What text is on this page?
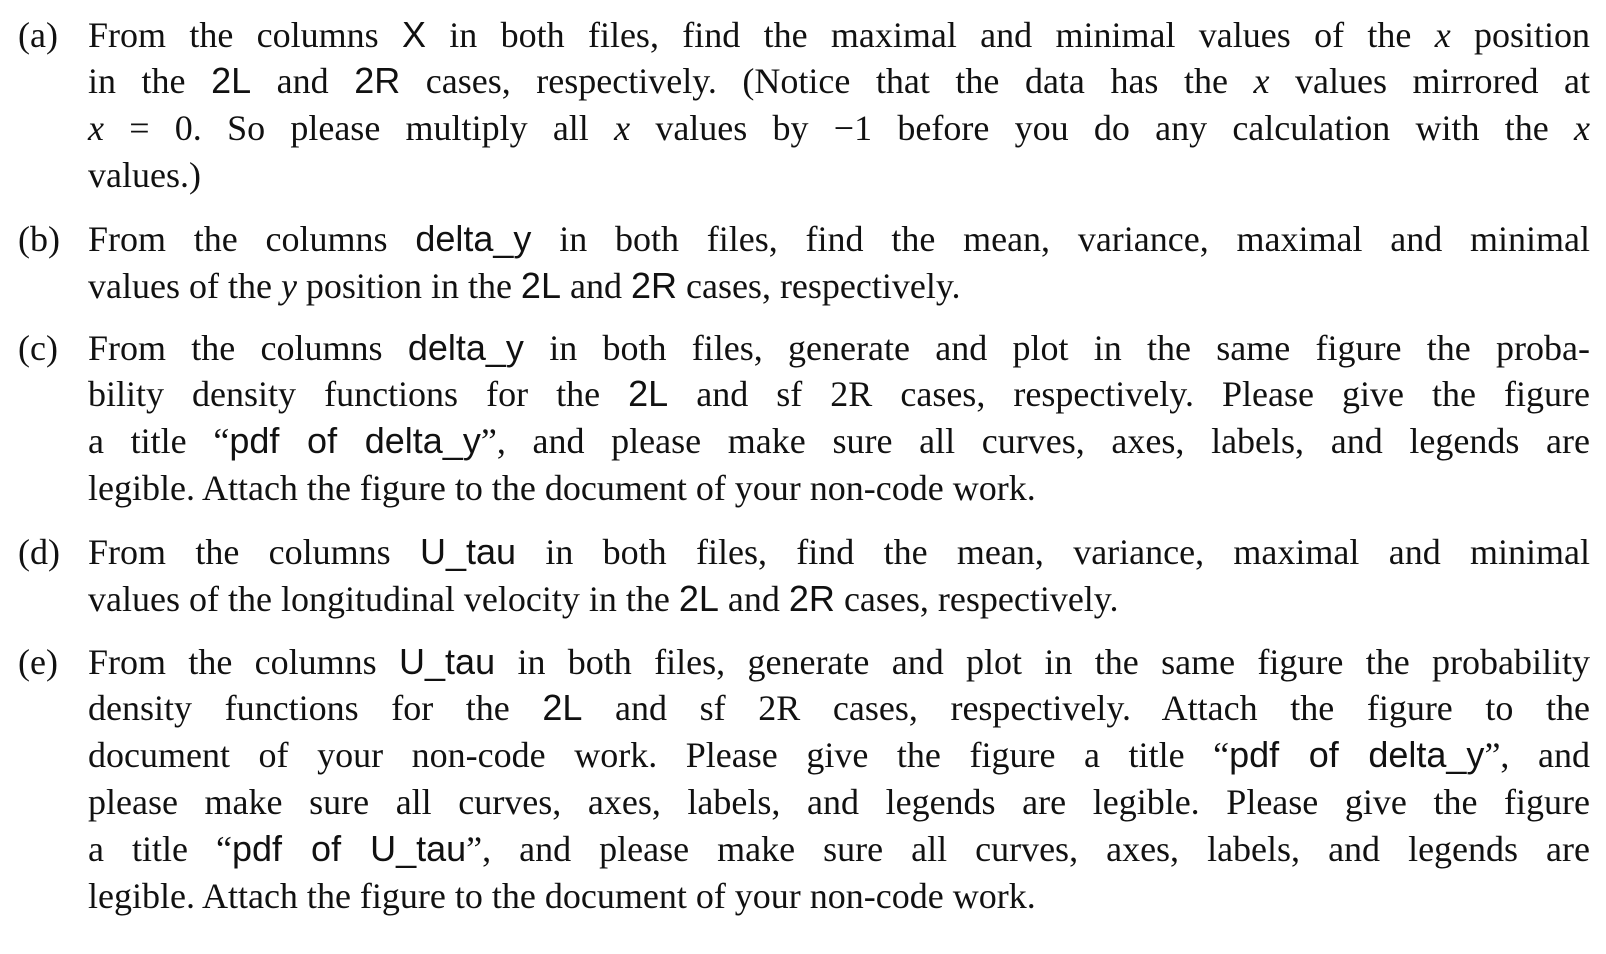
(a) From the columns X in both files, find the maximal and minimal values of the x position
in the 2L and 2R cases, respectively. (Notice that the data has the x values mirrored at
x = 0. So please multiply all x values by −1 before you do any calculation with the x
values.)
(b) From the columns delta_y in both files, find the mean, variance, maximal and minimal
values of the y position in the 2L and 2R cases, respectively.
(c) From the columns delta_y in both files, generate and plot in the same figure the proba-
bility density functions for the 2L and sf 2R cases, respectively. Please give the figure
a title “pdf of delta_y”, and please make sure all curves, axes, labels, and legends are
legible. Attach the figure to the document of your non-code work.
(d) From the columns U_tau in both files, find the mean, variance, maximal and minimal
values of the longitudinal velocity in the 2L and 2R cases, respectively.
(e) From the columns U_tau in both files, generate and plot in the same figure the probability
density functions for the 2L and sf 2R cases, respectively. Attach the figure to the
document of your non-code work. Please give the figure a title “pdf of delta_y”, and
please make sure all curves, axes, labels, and legends are legible. Please give the figure
a title “pdf of U_tau”, and please make sure all curves, axes, labels, and legends are
legible. Attach the figure to the document of your non-code work.
